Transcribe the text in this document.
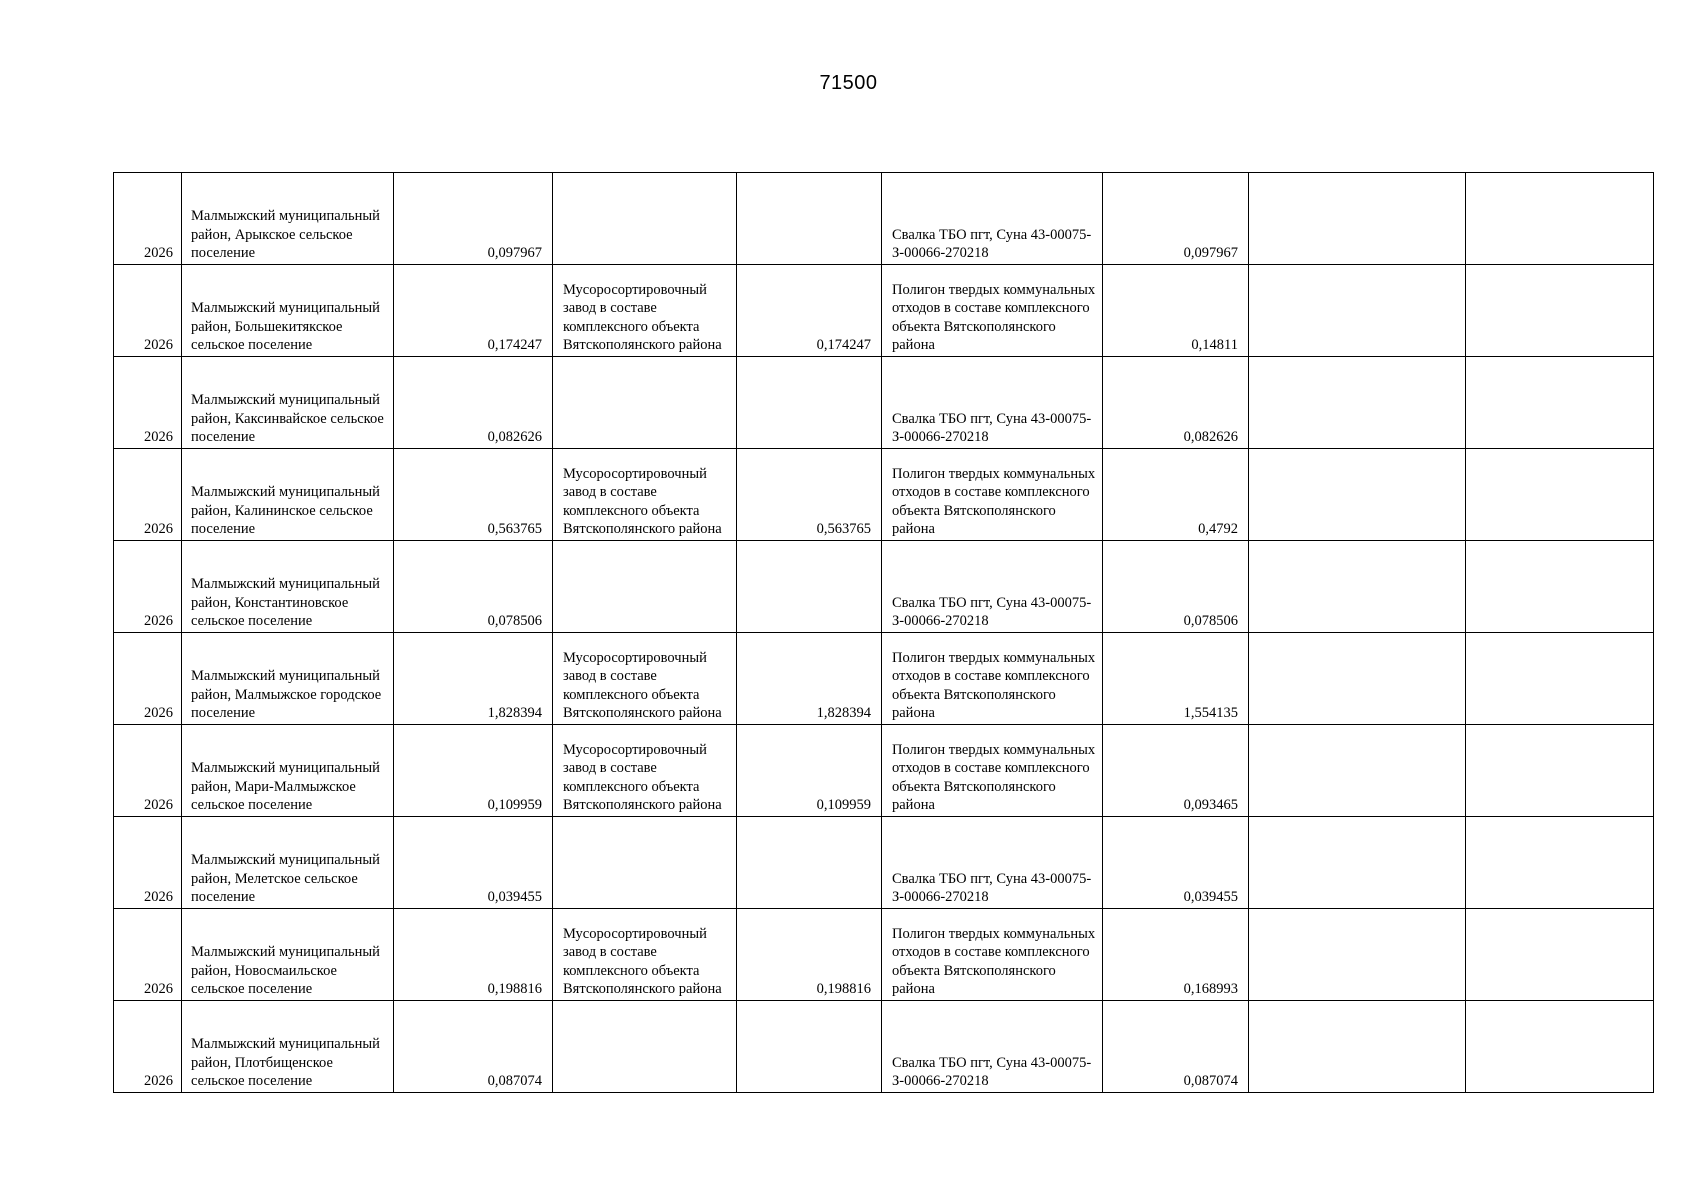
71500
2026	Малмыжский муниципальный район, Арыкское сельское поселение	0,097967			Свалка ТБО пгт, Суна 43-00075-З-00066-270218	0,097967		

2026	Малмыжский муниципальный район, Большекитякское сельское поселение	0,174247	Мусоросортировочный завод в составе комплексного объекта Вятскополянского района	0,174247	Полигон твердых коммунальных отходов в составе комплексного объекта Вятскополянского района	0,14811		

2026	Малмыжский муниципальный район, Каксинвайское сельское поселение	0,082626			Свалка ТБО пгт, Суна 43-00075-З-00066-270218	0,082626		

2026	Малмыжский муниципальный район, Калининское сельское поселение	0,563765	Мусоросортировочный завод в составе комплексного объекта Вятскополянского района	0,563765	Полигон твердых коммунальных отходов в составе комплексного объекта Вятскополянского района	0,4792		

2026	Малмыжский муниципальный район, Константиновское сельское поселение	0,078506			Свалка ТБО пгт, Суна 43-00075-З-00066-270218	0,078506		

2026	Малмыжский муниципальный район, Малмыжское городское поселение	1,828394	Мусоросортировочный завод в составе комплексного объекта Вятскополянского района	1,828394	Полигон твердых коммунальных отходов в составе комплексного объекта Вятскополянского района	1,554135		

2026	Малмыжский муниципальный район, Мари-Малмыжское сельское поселение	0,109959	Мусоросортировочный завод в составе комплексного объекта Вятскополянского района	0,109959	Полигон твердых коммунальных отходов в составе комплексного объекта Вятскополянского района	0,093465		

2026	Малмыжский муниципальный район, Мелетское сельское поселение	0,039455			Свалка ТБО пгт, Суна 43-00075-З-00066-270218	0,039455		

2026	Малмыжский муниципальный район, Новосмаильское сельское поселение	0,198816	Мусоросортировочный завод в составе комплексного объекта Вятскополянского района	0,198816	Полигон твердых коммунальных отходов в составе комплексного объекта Вятскополянского района	0,168993		

2026	Малмыжский муниципальный район, Плотбищенское сельское поселение	0,087074			Свалка ТБО пгт, Суна 43-00075-З-00066-270218	0,087074		
